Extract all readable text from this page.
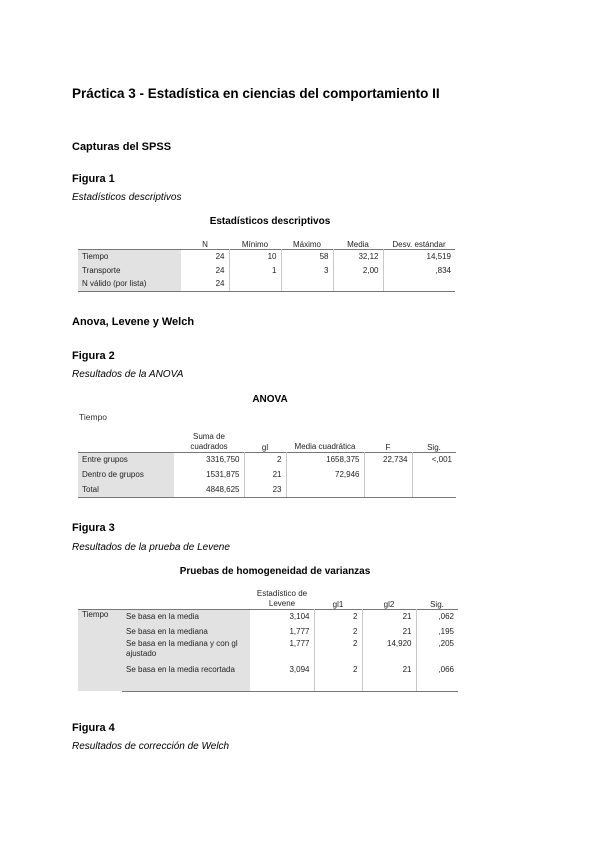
Práctica 3 - Estadística en ciencias del comportamiento II
Capturas del SPSS
Figura 1
Estadísticos descriptivos
Estadísticos descriptivos
	N	Mínimo	Máximo	Media	Desv. estándar
Tiempo	24	10	58	32,12	14,519
Transporte	24	1	3	2,00	,834
N válido (por lista)	24				
Anova, Levene y Welch
Figura 2
Resultados de la ANOVA
ANOVA
Tiempo
	Suma de cuadrados	gl	Media cuadrática	F	Sig.
Entre grupos	3316,750	2	1658,375	22,734	<,001
Dentro de grupos	1531,875	21	72,946		
Total	4848,625	23			
Figura 3
Resultados de la prueba de Levene
Pruebas de homogeneidad de varianzas
		Estadístico de Levene	gl1	gl2	Sig.
Tiempo	Se basa en la media	3,104	2	21	,062
	Se basa en la mediana	1,777	2	21	,195
	Se basa en la mediana y con gl ajustado	1,777	2	14,920	,205
	Se basa en la media recortada	3,094	2	21	,066
Figura 4
Resultados de corrección de Welch
